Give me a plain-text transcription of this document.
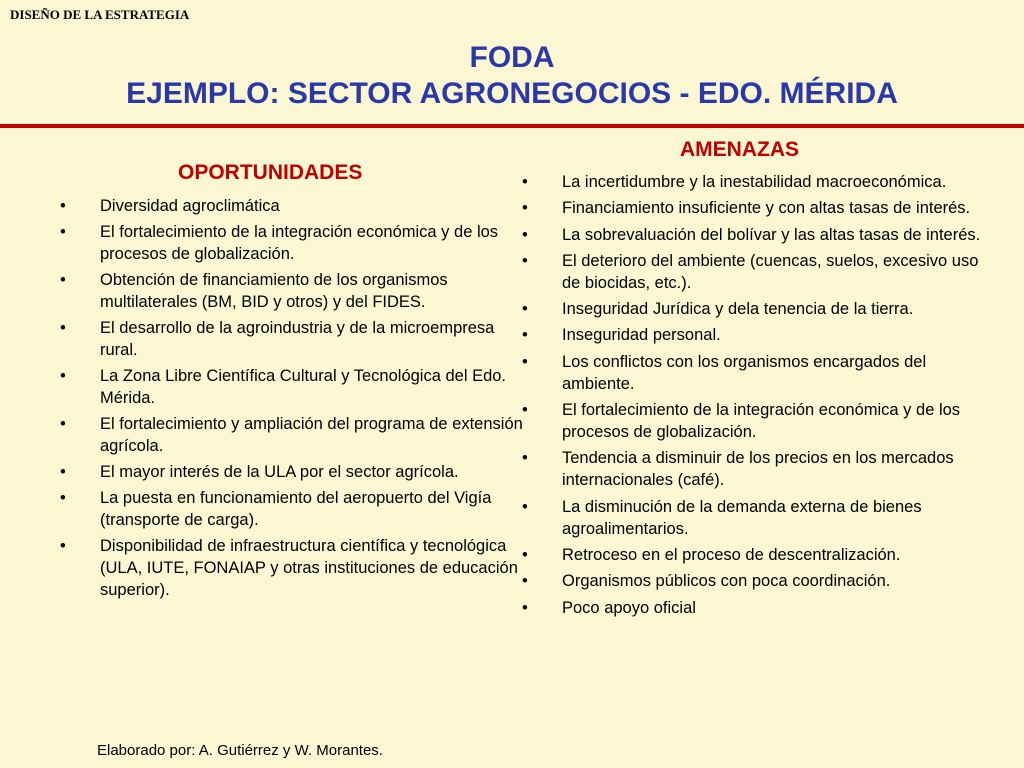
DISEÑO DE LA ESTRATEGIA
FODA
EJEMPLO: SECTOR AGRONEGOCIOS - EDO. MÉRIDA
OPORTUNIDADES
• Diversidad agroclimática
• El fortalecimiento de la integración económica y de los procesos de globalización.
• Obtención de financiamiento de los organismos multilaterales (BM, BID y otros) y del FIDES.
• El desarrollo de la agroindustria y de la microempresa rural.
• La Zona Libre Científica Cultural y Tecnológica del Edo. Mérida.
• El fortalecimiento y ampliación del programa de extensión agrícola.
• El mayor interés de la ULA por el sector agrícola.
• La puesta en funcionamiento del aeropuerto del Vigía (transporte de carga).
• Disponibilidad de infraestructura científica y tecnológica (ULA, IUTE, FONAIAP y otras instituciones de educación superior).
AMENAZAS
• La incertidumbre y la inestabilidad macroeconómica.
• Financiamiento insuficiente y con altas tasas de interés.
• La sobrevaluación del bolívar y las altas tasas de interés.
• El deterioro del ambiente (cuencas, suelos, excesivo uso de biocidas, etc.).
• Inseguridad Jurídica y dela tenencia de la tierra.
• Inseguridad personal.
• Los conflictos con los organismos encargados del ambiente.
• El fortalecimiento de la integración económica y de los procesos de globalización.
• Tendencia a disminuir de los precios en los mercados internacionales (café).
• La disminución de la demanda externa de bienes agroalimentarios.
• Retroceso en el proceso de descentralización.
• Organismos públicos con poca coordinación.
• Poco apoyo oficial
Elaborado por: A. Gutiérrez y W. Morantes.
